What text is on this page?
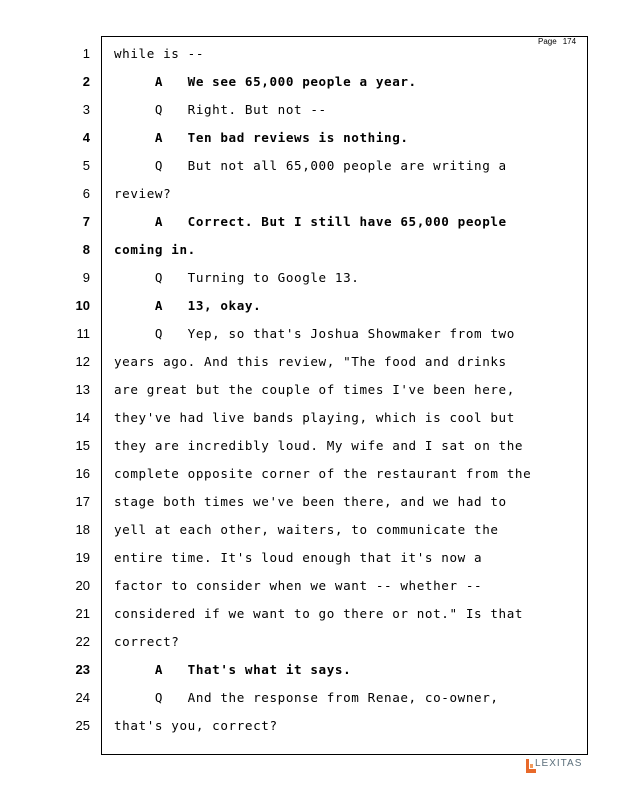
Page 174
1 while is --
2 A   We see 65,000 people a year.
3 Q   Right. But not --
4 A   Ten bad reviews is nothing.
5 Q   But not all 65,000 people are writing a
6 review?
7 A   Correct. But I still have 65,000 people
8 coming in.
9 Q   Turning to Google 13.
10 A   13, okay.
11 Q   Yep, so that's Joshua Showmaker from two
12 years ago. And this review, "The food and drinks
13 are great but the couple of times I've been here,
14 they've had live bands playing, which is cool but
15 they are incredibly loud. My wife and I sat on the
16 complete opposite corner of the restaurant from the
17 stage both times we've been there, and we had to
18 yell at each other, waiters, to communicate the
19 entire time. It's loud enough that it's now a
20 factor to consider when we want -- whether --
21 considered if we want to go there or not." Is that
22 correct?
23 A   That's what it says.
24 Q   And the response from Renae, co-owner,
25 that's you, correct?
LEXITAS
